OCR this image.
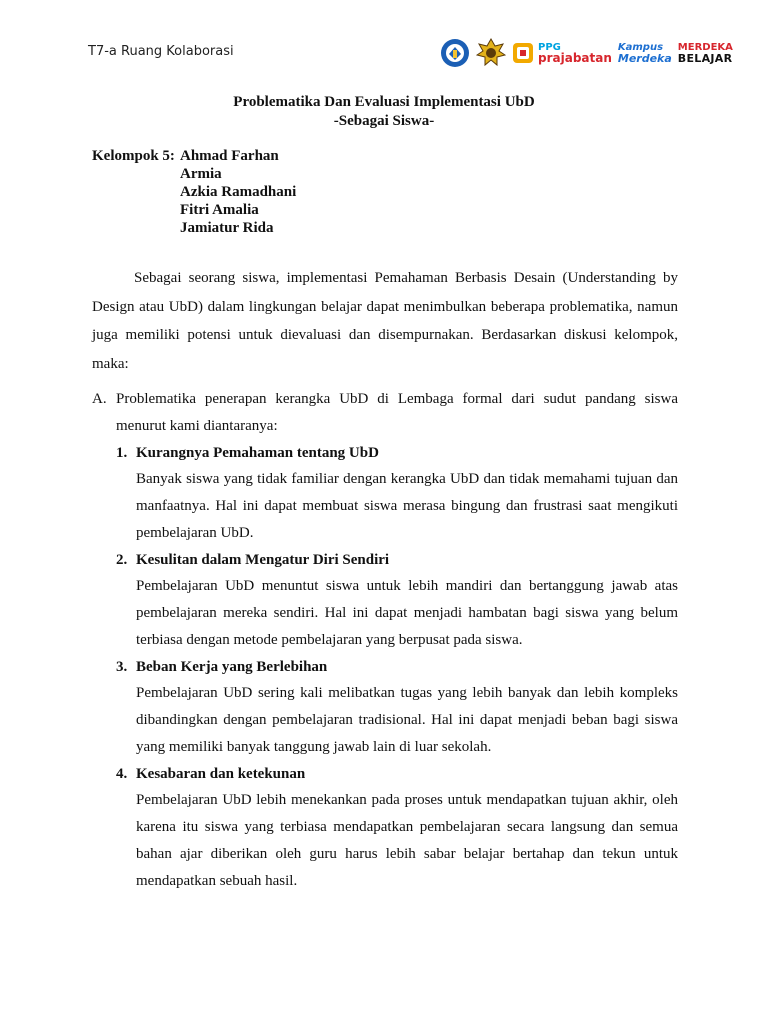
T7-a Ruang Kolaborasi	PPG
prajabatan
Kampus
Merdeka
MERDEKA
BELAJAR
Problematika Dan Evaluasi Implementasi UbD
-Sebagai Siswa-
Kelompok 5: Ahmad Farhan
Armia
Azkia Ramadhani
Fitri Amalia
Jamiatur Rida
Sebagai seorang siswa, implementasi Pemahaman Berbasis Desain (Understanding by Design atau UbD) dalam lingkungan belajar dapat menimbulkan beberapa problematika, namun juga memiliki potensi untuk dievaluasi dan disempurnakan. Berdasarkan diskusi kelompok, maka:
A. Problematika penerapan kerangka UbD di Lembaga formal dari sudut pandang siswa menurut kami diantaranya:
1. Kurangnya Pemahaman tentang UbD
Banyak siswa yang tidak familiar dengan kerangka UbD dan tidak memahami tujuan dan manfaatnya. Hal ini dapat membuat siswa merasa bingung dan frustrasi saat mengikuti pembelajaran UbD.
2. Kesulitan dalam Mengatur Diri Sendiri
Pembelajaran UbD menuntut siswa untuk lebih mandiri dan bertanggung jawab atas pembelajaran mereka sendiri. Hal ini dapat menjadi hambatan bagi siswa yang belum terbiasa dengan metode pembelajaran yang berpusat pada siswa.
3. Beban Kerja yang Berlebihan
Pembelajaran UbD sering kali melibatkan tugas yang lebih banyak dan lebih kompleks dibandingkan dengan pembelajaran tradisional. Hal ini dapat menjadi beban bagi siswa yang memiliki banyak tanggung jawab lain di luar sekolah.
4. Kesabaran dan ketekunan
Pembelajaran UbD lebih menekankan pada proses untuk mendapatkan tujuan akhir, oleh karena itu siswa yang terbiasa mendapatkan pembelajaran secara langsung dan semua bahan ajar diberikan oleh guru harus lebih sabar belajar bertahap dan tekun untuk mendapatkan sebuah hasil.
